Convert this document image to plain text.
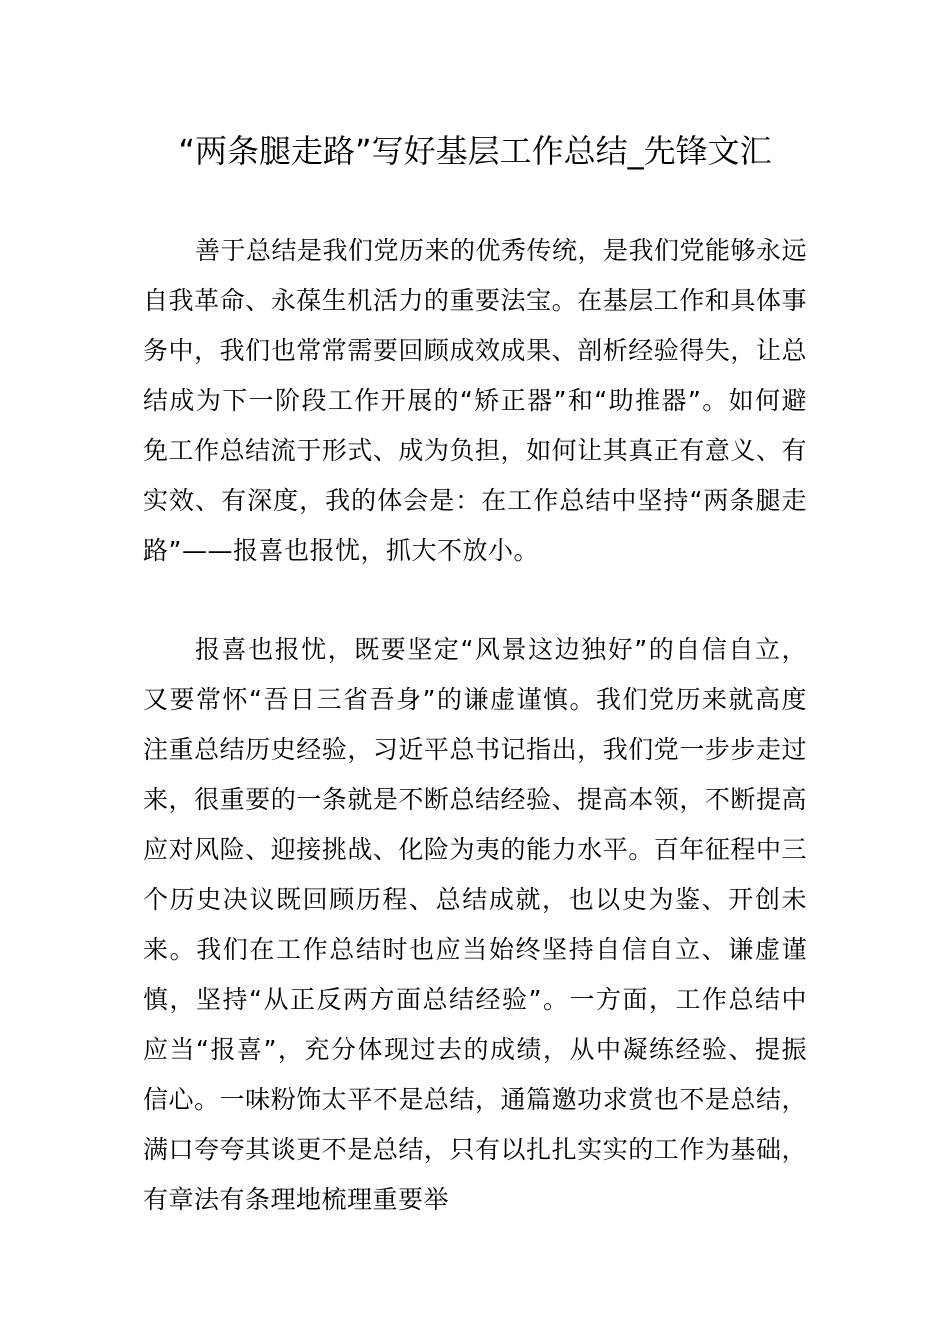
“两条腿走路”写好基层工作总结_先锋文汇

善于总结是我们党历来的优秀传统，是我们党能够永远自我革命、永葆生机活力的重要法宝。在基层工作和具体事务中，我们也常常需要回顾成效成果、剖析经验得失，让总结成为下一阶段工作开展的“矫正器”和“助推器”。如何避免工作总结流于形式、成为负担，如何让其真正有意义、有实效、有深度，我的体会是：在工作总结中坚持“两条腿走路”——报喜也报忧，抓大不放小。

报喜也报忧，既要坚定“风景这边独好”的自信自立，又要常怀“吾日三省吾身”的谦虚谨慎。我们党历来就高度注重总结历史经验，习近平总书记指出，我们党一步步走过来，很重要的一条就是不断总结经验、提高本领，不断提高应对风险、迎接挑战、化险为夷的能力水平。百年征程中三个历史决议既回顾历程、总结成就，也以史为鉴、开创未来。我们在工作总结时也应当始终坚持自信自立、谦虚谨慎，坚持“从正反两方面总结经验”。一方面，工作总结中应当“报喜”，充分体现过去的成绩，从中凝练经验、提振信心。一味粉饰太平不是总结，通篇邀功求赏也不是总结，满口夸夸其谈更不是总结，只有以扎扎实实的工作为基础，有章法有条理地梳理重要举
